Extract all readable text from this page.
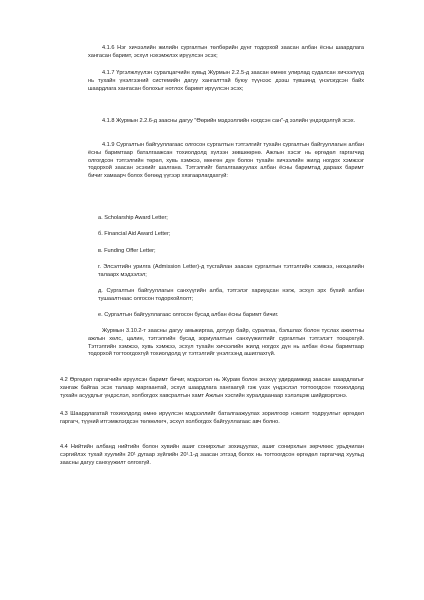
4.1.6 Нэг хичээлийн жилийн сургалтын төлбөрийн дүнг тодорхой заасан албан ёсны шаардлага хангасан баримт, эсхүл нэхэмжлэх ирүүлсэн эсэх;

4.1.7 Үргэлжлүүлэн суралцагчийн хувьд Журмын 2.2.5-д заасан өмнөх улирлад судалсан хичээлүүд нь тухайн үнэлгээний системийн дагуу хангалттай буюу түүнээс дээш түвшинд үнэлэгдсэн байх шаардлага хангасан болохыг нотлох баримт ирүүлсэн эсэх;

4.1.8 Журмын 2.2.6-д заасны дагуу "Өөрийн мэдээллийн нэгдсэн сан"-д ээлийн үндэгдэлгүй эсэх.

4.1.9 Сургалтын байгууллагаас олгосон сургалтын тэтгэлгийг тухайн сургалтын байгууллагын албан ёсны баримтаар баталгаажсан тохиолдолд хүлээн зөвшөөрнө. Ажлын хэсэг нь өргөдөл гаргагчид олгогдсон тэтгэлгийн төрөл, хувь хэмжээ, мөнгөн дүн болон тухайн хичээлийн жилд ногдох хэмжээг тодорхой заасан эсэхийг шалгана. Тэтгэлгийг баталгаажуулах албан ёсны баримтад дараах баримт бичиг хамаарч болох бөгөөд үүгээр хязгаарлагдахгүй:

а. Scholarship Award Letter;

б. Financial Aid Award Letter;

в. Funding Offer Letter;

г. Элсэлтийн урилга (Admission Letter)-д тусгайлан заасан сургалтын тэтгэлгийн хэмжээ, нөхцөлийн талаарх мэдээлэл;

д. Сургалтын байгууллагын санхүүгийн алба, тэтгэлэг хариуцсан нэгж, эсхүл эрх бүхий албан тушаалтнаас олгосон тодорхойлолт;

е. Сургалтын байгууллагаас олгосон бусад албан ёсны баримт бичиг.

Журмын 3.10.2-т заасны дагуу амьжиргаа, дотуур байр, суралгаа, бэлшлах болон туслах ажилтны ажлын хөлс, цалин, тэтгэлгийн бусад зориулалтын санхүүжилтийг сургалтын тэтгэлэгт тооцохгүй. Тэтгэлгийн хэмжээ, хувь хэмжээ, эсхүл тухайн хичээлийн жилд ногдох дүн нь албан ёсны баримтаар тодорхой тогтоогдохгүй тохиолдолд үг тэтгэлгийг үнэлгээнд ашиглахгүй.

4.2 Өргөдөл гаргагчийн ирүүлсэн баримт бичиг, мэдээлэл нь Журам болон энэхүү удирдамжид заасан шаардлагыг хангаж байгаа эсэх талаар маргаантай, эсхүл шаардлага хангаагүй гэж үзэх үндэслэл тогтоогдсон тохиолдолд тухайн асуудлыг үндэслэл, холбогдох хавсралтын хамт Ажлын хэсгийн хуралдаанаар хэлэлцэж шийдвэрлэнэ.

4.3 Шаардлагатай тохиолдолд өмнө ирүүлсэн мэдээллийг баталгаажуулах зорилгоор нэмэлт тодруулгыг өргөдөл гаргагч, түүний итгэмжлэгдсэн төлөөлөгч, эсхүл холбогдох байгууллагаас авч болно.

4.4 Нийтийн албанд нийтийн болон хувийн ашиг сонирхлыг зохицуулах, ашиг сонирхлын зөрчлөөс урьдчилан сэргийлэх тухай хуулийн 20¹ дугаар зүйлийн 20¹.1-д заасан этгээд болох нь тогтоогдсон өргөдөл гаргагчид хуульд заасны дагуу санхүүжилт олгохгүй.
